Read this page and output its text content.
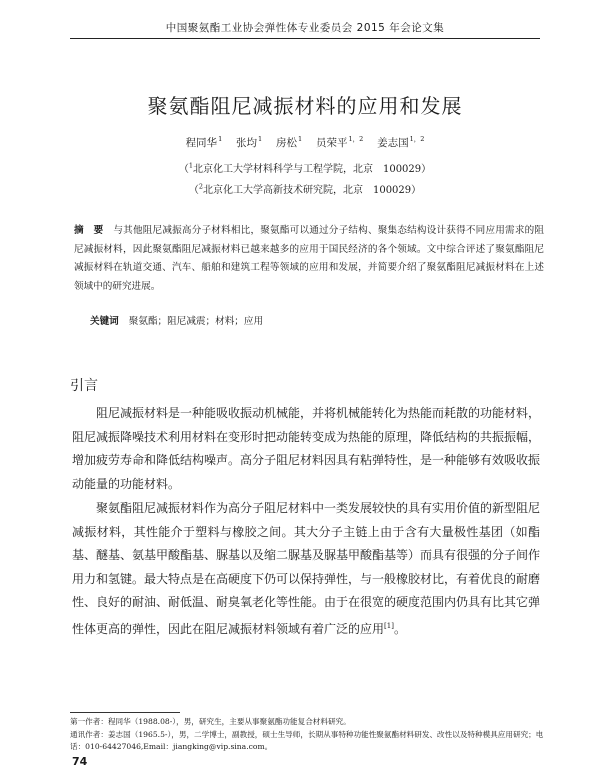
中国聚氨酯工业协会弹性体专业委员会 2015 年会论文集
聚氨酯阻尼减振材料的应用和发展
程同华$^1$  张均$^1$  房松$^1$  员荣平$^{1,2}$  姜志国$^{1,2}$
（$^1$北京化工大学材料科学与工程学院，北京　100029）
（$^2$北京化工大学高新技术研究院，北京　100029）
摘　要 与其他阻尼减振高分子材料相比，聚氨酯可以通过分子结构、聚集态结构设计获得不同应用需求的阻尼减振材料，因此聚氨酯阻尼减振材料已越来越多的应用于国民经济的各个领域。文中综合评述了聚氨酯阻尼减振材料在轨道交通、汽车、船舶和建筑工程等领域的应用和发展，并简要介绍了聚氨酯阻尼减振材料在上述领域中的研究进展。
关键词 聚氨酯；阻尼减震；材料；应用
引言

阻尼减振材料是一种能吸收振动机械能，并将机械能转化为热能而耗散的功能材料，阻尼减振降噪技术利用材料在变形时把动能转变成为热能的原理，降低结构的共振振幅，增加疲劳寿命和降低结构噪声。高分子阻尼材料因具有粘弹特性，是一种能够有效吸收振动能量的功能材料。

聚氨酯阻尼减振材料作为高分子阻尼材料中一类发展较快的具有实用价值的新型阻尼减振材料，其性能介于塑料与橡胶之间。其大分子主链上由于含有大量极性基团（如酯基、醚基、氨基甲酸酯基、脲基以及缩二脲基及脲基甲酸酯基等）而具有很强的分子间作用力和氢键。最大特点是在高硬度下仍可以保持弹性，与一般橡胶材比，有着优良的耐磨性、良好的耐油、耐低温、耐臭氧老化等性能。由于在很宽的硬度范围内仍具有比其它弹性体更高的弹性，因此在阻尼减振材料领域有着广泛的应用[1]。

第一作者：程同华（1988.08-），男，研究生，主要从事聚氨酯功能复合材料研究。
通讯作者：姜志国（1965.5-），男，二学博士，副教授，硕士生导师，长期从事特种功能性聚氨酯材料研发、改性以及特种模具应用研究；电话：010-64427046,Email：jiangking@vip.sina.com。
74
